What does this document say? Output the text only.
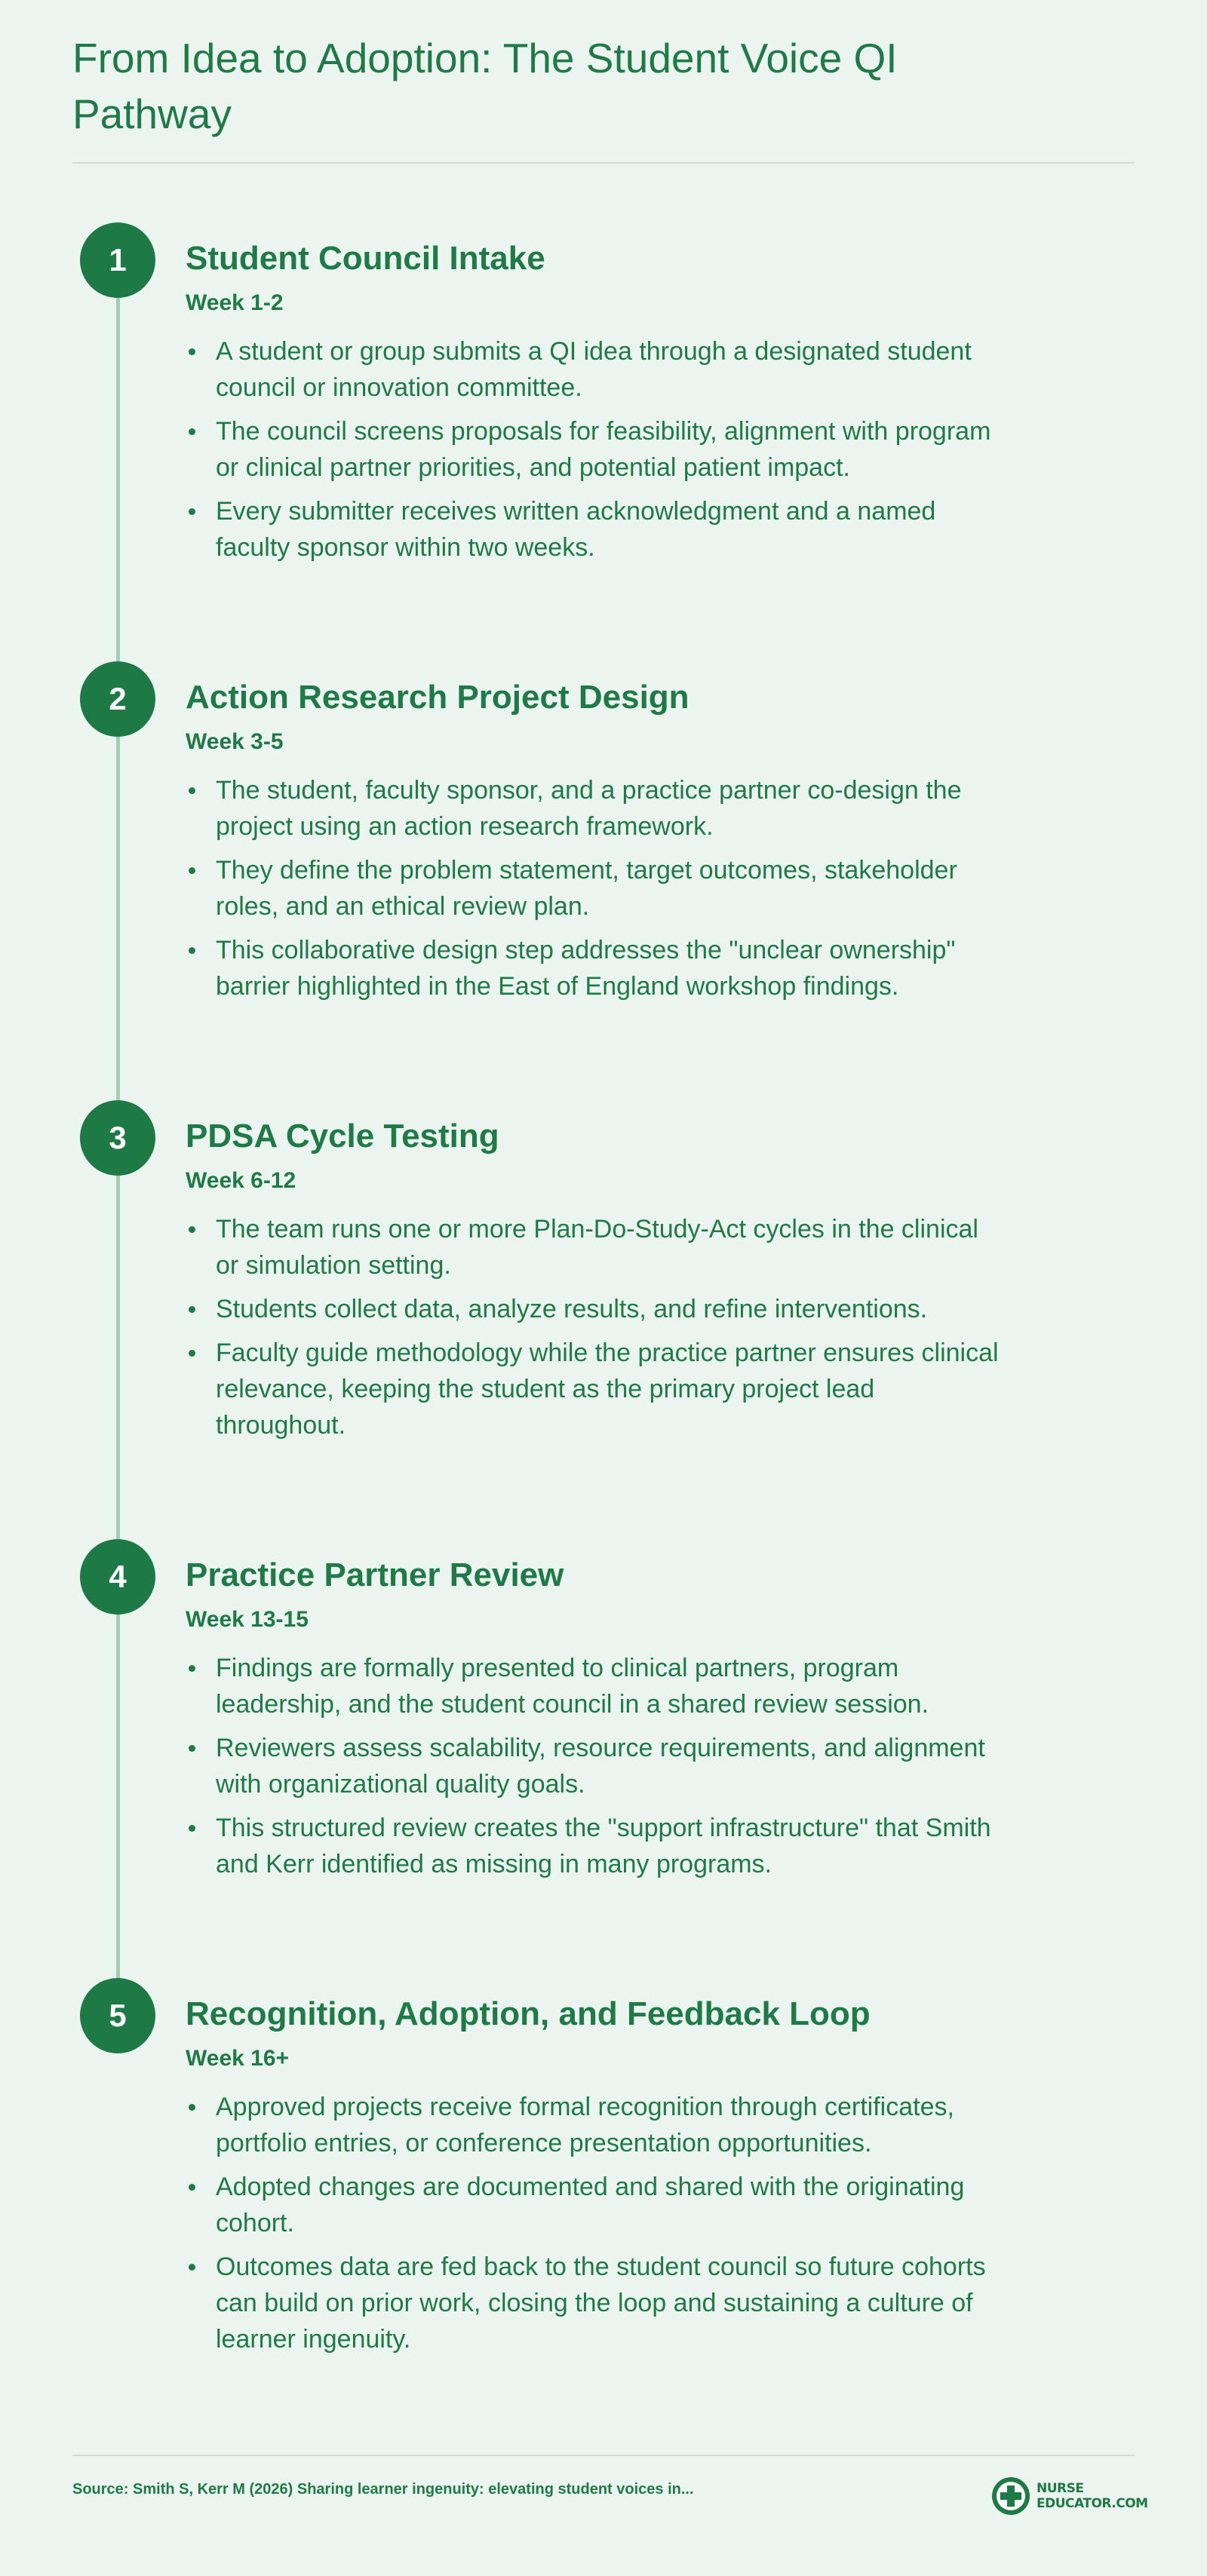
From Idea to Adoption: The Student Voice QI Pathway
1	Student Council Intake
Week 1-2
A student or group submits a QI idea through a designated student council or innovation committee.
The council screens proposals for feasibility, alignment with program or clinical partner priorities, and potential patient impact.
Every submitter receives written acknowledgment and a named faculty sponsor within two weeks.
2	Action Research Project Design
Week 3-5
The student, faculty sponsor, and a practice partner co-design the project using an action research framework.
They define the problem statement, target outcomes, stakeholder roles, and an ethical review plan.
This collaborative design step addresses the "unclear ownership" barrier highlighted in the East of England workshop findings.
3	PDSA Cycle Testing
Week 6-12
The team runs one or more Plan-Do-Study-Act cycles in the clinical or simulation setting.
Students collect data, analyze results, and refine interventions.
Faculty guide methodology while the practice partner ensures clinical relevance, keeping the student as the primary project lead throughout.
4	Practice Partner Review
Week 13-15
Findings are formally presented to clinical partners, program leadership, and the student council in a shared review session.
Reviewers assess scalability, resource requirements, and alignment with organizational quality goals.
This structured review creates the "support infrastructure" that Smith and Kerr identified as missing in many programs.
5	Recognition, Adoption, and Feedback Loop
Week 16+
Approved projects receive formal recognition through certificates, portfolio entries, or conference presentation opportunities.
Adopted changes are documented and shared with the originating cohort.
Outcomes data are fed back to the student council so future cohorts can build on prior work, closing the loop and sustaining a culture of learner ingenuity.
Source: Smith S, Kerr M (2026) Sharing learner ingenuity: elevating student voices in...	NURSE
EDUCATOR.COM
